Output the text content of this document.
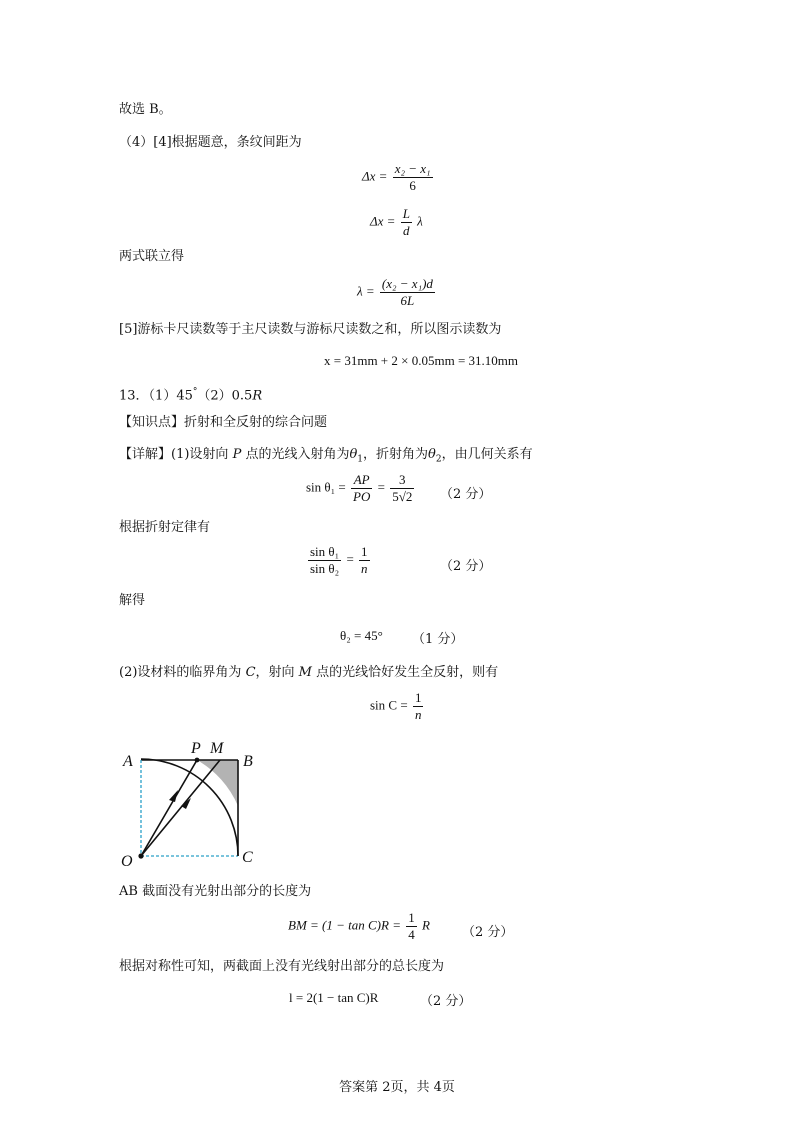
故选 B。
（4）[4]根据题意，条纹间距为
$\Delta x = \frac{\text{x₂ − x₁}}{6}$
$\Delta x = \frac{L}{d}$ λ
两式联立得
$\lambda = \frac{\text{(x₂ − x₁)d}}{6L}$
[5]游标卡尺读数等于主尺读数与游标尺读数之和，所以图示读数为
x = 31mm + 2 × 0.05mm = 31.10mm
13．（1）45°（2）0.5R
【知识点】折射和全反射的综合问题
【详解】(1)设射向 P 点的光线入射角为$\theta_1$，折射角为$\theta_2$，由几何关系有
$\sin \theta_1 = \frac{AP}{PO} = \frac{3}{5√2} (2$ 分）
根据折射定律有
$\frac{\text{sin θ₁}}{\text{sin θ₂}} = \frac{1}{n}$	（2 分）
解得
θ₂ = 45° （1 分）
(2)设材料的临界角为 C，射向 M 点的光线恰好发生全反射，则有
$\sin C = \frac{1}{n}$
A
P M
B
O	C
AB 截面没有光射出部分的长度为
BM = $(1 - \tan C)R = \frac{1}{4}$ R
（2 分）
根据对称性可知，两截面上没有光线射出部分的总长度为
l = 2(1 − tan C)R	（2 分）
答案第 2页，共 4页
